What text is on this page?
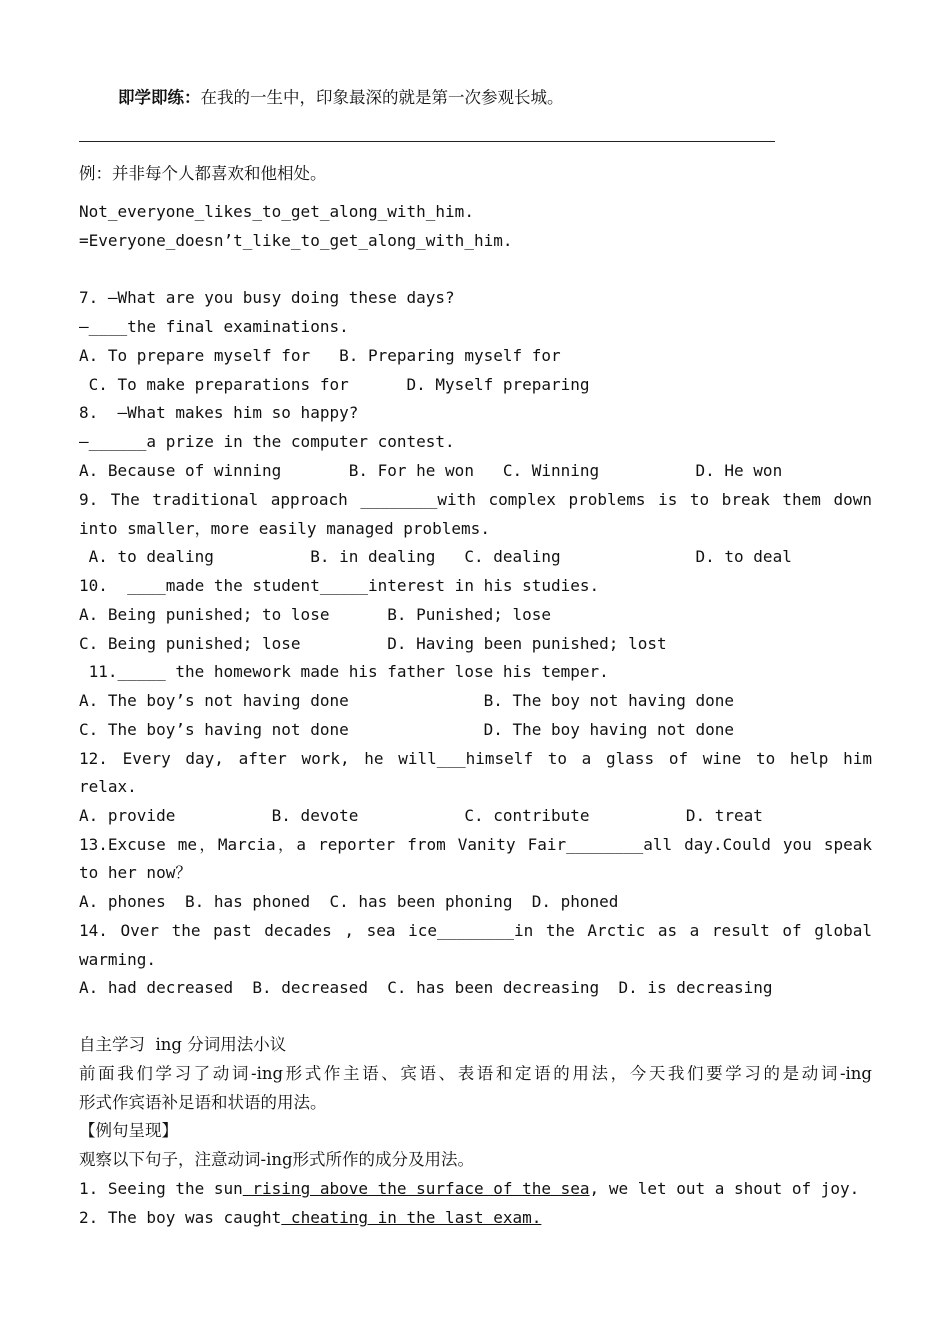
即学即练：在我的一生中，印象最深的就是第一次参观长城。
例：并非每个人都喜欢和他相处。
Not_everyone_likes_to_get_along_with_him.
=Everyone_doesn’t_like_to_get_along_with_him.
7. —What are you busy doing these days?
—____the final examinations.
A. To prepare myself for   B. Preparing myself for
C. To make preparations for      D. Myself preparing
8.  —What makes him so happy?
—______a prize in the computer contest.
A. Because of winning       B. For he won   C. Winning          D. He won
9. The traditional approach ________with complex problems is to break them down
into smaller，more easily managed problems.
A. to dealing          B. in dealing   C. dealing              D. to deal
10.  ____made the student_____interest in his studies.
A. Being punished; to lose      B. Punished; lose
C. Being punished; lose         D. Having been punished; lost
11._____ the homework made his father lose his temper.
A. The boy’s not having done              B. The boy not having done
C. The boy’s having not done              D. The boy having not done
12. Every day, after work, he will___himself to a glass of wine to help him
relax.
A. provide          B. devote           C. contribute          D. treat
13.Excuse me，Marcia，a reporter from Vanity Fair________all day.Could you speak
to her now？
A. phones  B. has phoned  C. has been phoning  D. phoned
14. Over the past decades , sea ice________in the Arctic as a result of global
warming.
A. had decreased  B. decreased  C. has been decreasing  D. is decreasing
自主学习  ing 分词用法小议
前面我们学习了动词-ing形式作主语、宾语、表语和定语的用法，今天我们要学习的是动词-ing
形式作宾语补足语和状语的用法。
【例句呈现】
观察以下句子，注意动词-ing形式所作的成分及用法。
1. Seeing the sun rising above the surface of the sea, we let out a shout of joy.
2. The boy was caught cheating in the last exam.
